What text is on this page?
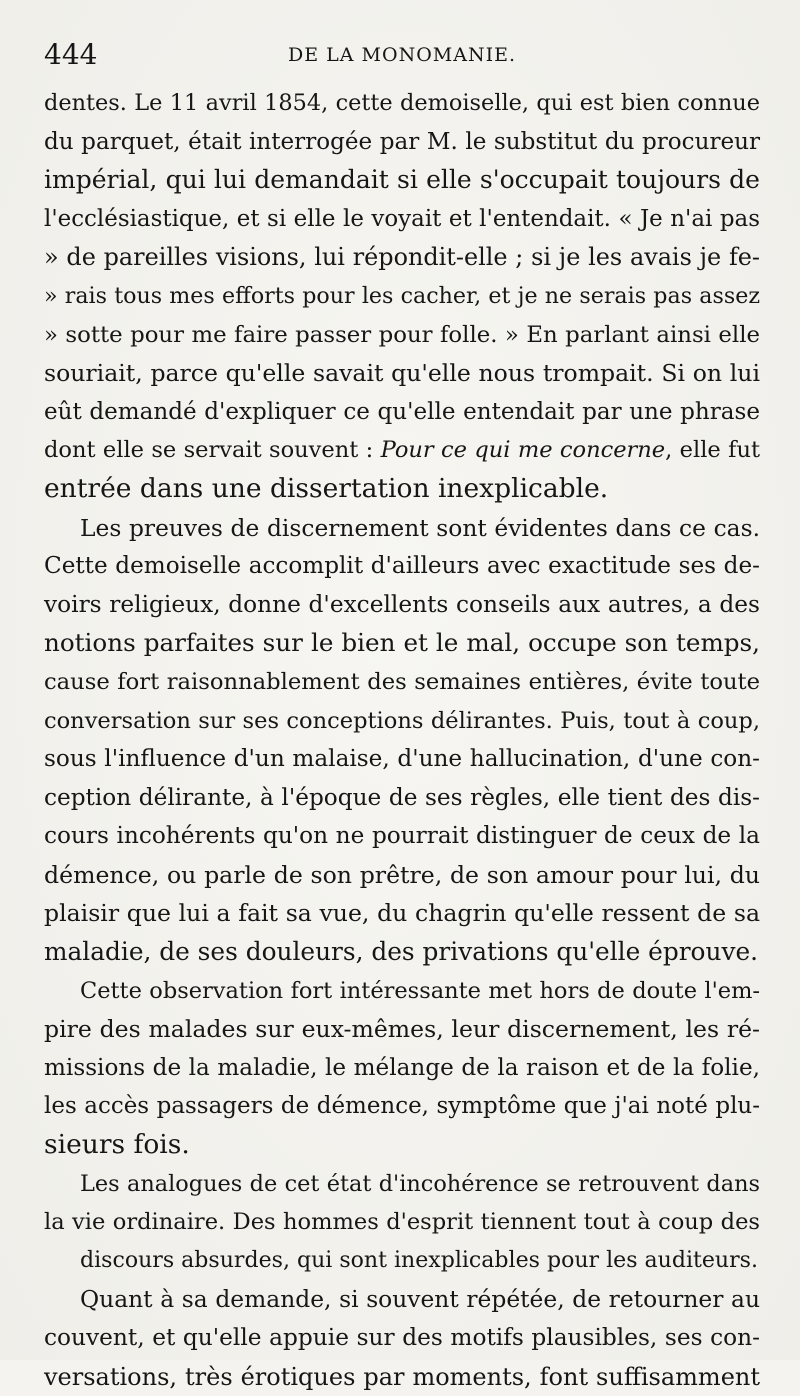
444	DE LA MONOMANIE.
dentes. Le 11 avril 1854, cette demoiselle, qui est bien connue
du parquet, était interrogée par M. le substitut du procureur
impérial, qui lui demandait si elle s'occupait toujours de
l'ecclésiastique, et si elle le voyait et l'entendait. « Je n'ai pas
» de pareilles visions, lui répondit-elle ; si je les avais je fe-
» rais tous mes efforts pour les cacher, et je ne serais pas assez
» sotte pour me faire passer pour folle. » En parlant ainsi elle
souriait, parce qu'elle savait qu'elle nous trompait. Si on lui
eût demandé d'expliquer ce qu'elle entendait par une phrase
dont elle se servait souvent : Pour ce qui me concerne, elle fut
entrée dans une dissertation inexplicable.
Les preuves de discernement sont évidentes dans ce cas.
Cette demoiselle accomplit d'ailleurs avec exactitude ses de-
voirs religieux, donne d'excellents conseils aux autres, a des
notions parfaites sur le bien et le mal, occupe son temps,
cause fort raisonnablement des semaines entières, évite toute
conversation sur ses conceptions délirantes. Puis, tout à coup,
sous l'influence d'un malaise, d'une hallucination, d'une con-
ception délirante, à l'époque de ses règles, elle tient des dis-
cours incohérents qu'on ne pourrait distinguer de ceux de la
démence, ou parle de son prêtre, de son amour pour lui, du
plaisir que lui a fait sa vue, du chagrin qu'elle ressent de sa
maladie, de ses douleurs, des privations qu'elle éprouve.
Cette observation fort intéressante met hors de doute l'em-
pire des malades sur eux-mêmes, leur discernement, les ré-
missions de la maladie, le mélange de la raison et de la folie,
les accès passagers de démence, symptôme que j'ai noté plu-
sieurs fois.
Les analogues de cet état d'incohérence se retrouvent dans
la vie ordinaire. Des hommes d'esprit tiennent tout à coup des
discours absurdes, qui sont inexplicables pour les auditeurs.
Quant à sa demande, si souvent répétée, de retourner au
couvent, et qu'elle appuie sur des motifs plausibles, ses con-
versations, très érotiques par moments, font suffisamment
